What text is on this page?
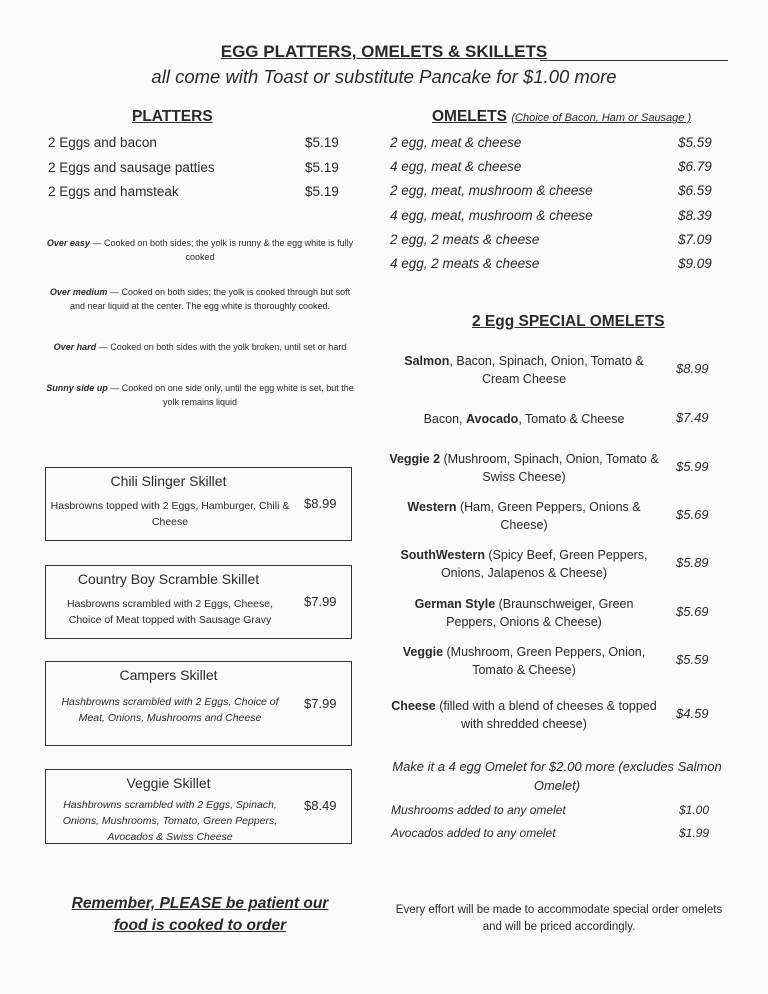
EGG PLATTERS, OMELETS & SKILLETS
all come with Toast or substitute Pancake for $1.00 more
PLATTERS
Remember, PLEASE be patient our
food is cooked to order
OMELETS (Choice of Bacon, Ham or Sausage )
2 Egg SPECIAL OMELETS
Make it a 4 egg Omelet for $2.00 more (excludes Salmon Omelet)
Every effort will be made to accommodate special order omelets and will be priced accordingly.
2 Eggs and bacon	$5.19
2 Eggs and sausage patties	$5.19
2 Eggs and hamsteak	$5.19
Over easy — Cooked on both sides; the yolk is runny & the egg white is fully cooked
Over medium — Cooked on both sides; the yolk is cooked through but soft and near liquid at the center. The egg white is thoroughly cooked.
Over hard — Cooked on both sides with the yolk broken, until set or hard
Sunny side up — Cooked on one side only, until the egg white is set, but the yolk remains liquid
Chili Slinger Skillet
Hasbrowns topped with 2 Eggs, Hamburger, Chili & Cheese
$8.99
Country Boy Scramble Skillet
Hasbrowns scrambled with 2 Eggs, Cheese, Choice of Meat topped with Sausage Gravy
$7.99
Campers Skillet
Hashbrowns scrambled with 2 Eggs, Choice of Meat, Onions, Mushrooms and Cheese
$7.99
Veggie Skillet
Hashbrowns scrambled with 2 Eggs, Spinach, Onions, Mushrooms, Tomato, Green Peppers, Avocados & Swiss Cheese
$8.49
2 egg, meat & cheese	$5.59
4 egg, meat & cheese	$6.79
2 egg, meat, mushroom & cheese	$6.59
4 egg, meat, mushroom & cheese	$8.39
2 egg, 2 meats & cheese	$7.09
4 egg, 2 meats & cheese	$9.09
Salmon, Bacon, Spinach, Onion, Tomato & Cream Cheese
$8.99
Bacon, Avocado, Tomato & Cheese	$7.49
Veggie 2 (Mushroom, Spinach, Onion, Tomato & Swiss Cheese)
$5.99
Western (Ham, Green Peppers, Onions & Cheese)
$5.69
SouthWestern (Spicy Beef, Green Peppers, Onions, Jalapenos & Cheese)
$5.89
German Style (Braunschweiger, Green Peppers, Onions & Cheese)
$5.69
Veggie (Mushroom, Green Peppers, Onion, Tomato & Cheese)
$5.59
Cheese (filled with a blend of cheeses & topped with shredded cheese)
$4.59
Mushrooms added to any omelet	$1.00
Avocados added to any omelet	$1.99
